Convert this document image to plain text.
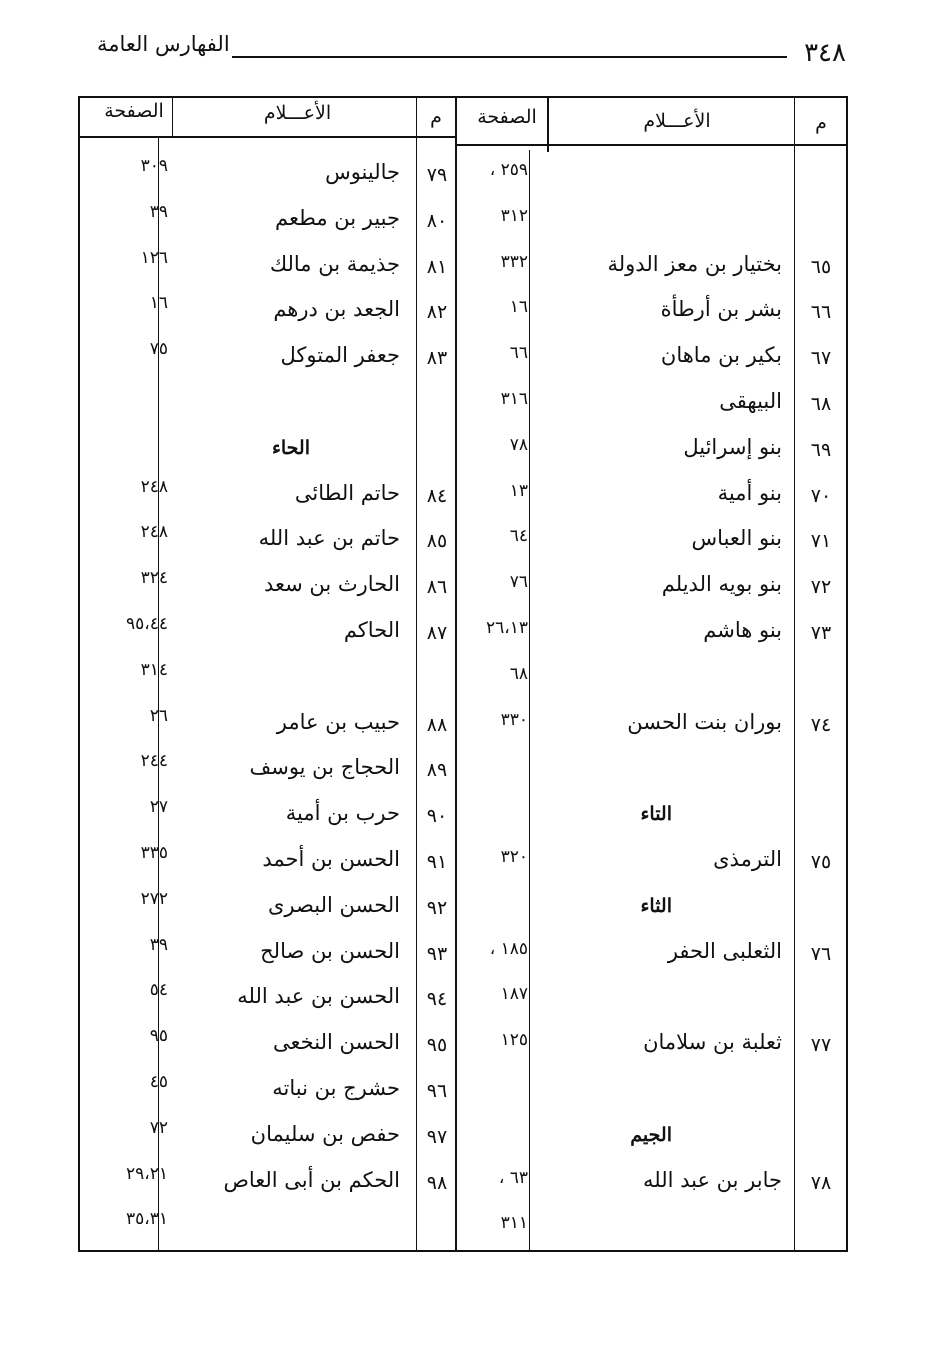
٣٤٨
الفهارس العامة
م
الأعـــلام
الصفحة
م
الأعـــلام
الصفحة
٢٥٩ ،
٣١٢
٦٥
بختيار بن معز الدولة
٣٣٢
٦٦
بشر بن أرطأة
١٦
٦٧
بكير بن ماهان
٦٦
٦٨
البيهقى
٣١٦
٦٩
بنو إسرائيل
٧٨
٧٠
بنو أمية
١٣
٧١
بنو العباس
٦٤
٧٢
بنو بويه الديلم
٧٦
٧٣
بنو هاشم
٢٦،١٣
٦٨
٧٤
بوران بنت الحسن
٣٣٠
التاء
٧٥
الترمذى
٣٢٠
الثاء
٧٦
الثعلبى الحفر
١٨٥ ،
١٨٧
٧٧
ثعلبة بن سلامان
١٢٥
الجيم
٧٨
جابر بن عبد الله
٦٣ ،
٣١١
٧٩
جالينوس
٣٠٩
٨٠
جبير بن مطعم
٣٩
٨١
جذيمة بن مالك
١٢٦
٨٢
الجعد بن درهم
١٦
٨٣
جعفر المتوكل
٧٥
الحاء
٨٤
حاتم الطائى
٢٤٨
٨٥
حاتم بن عبد الله
٢٤٨
٨٦
الحارث بن سعد
٣٢٤
٨٧
الحاكم
٩٥،٤٤
٣١٤
٨٨
حبيب بن عامر
٢٦
٨٩
الحجاج بن يوسف
٢٤٤
٩٠
حرب بن أمية
٢٧
٩١
الحسن بن أحمد
٣٣٥
٩٢
الحسن البصرى
٢٧٢
٩٣
الحسن بن صالح
٣٩
٩٤
الحسن بن عبد الله
٥٤
٩٥
الحسن النخعى
٩٥
٩٦
حشرج بن نباته
٤٥
٩٧
حفص بن سليمان
٧٢
٩٨
الحكم بن أبى العاص
٢٩،٢١
٣٥،٣١
